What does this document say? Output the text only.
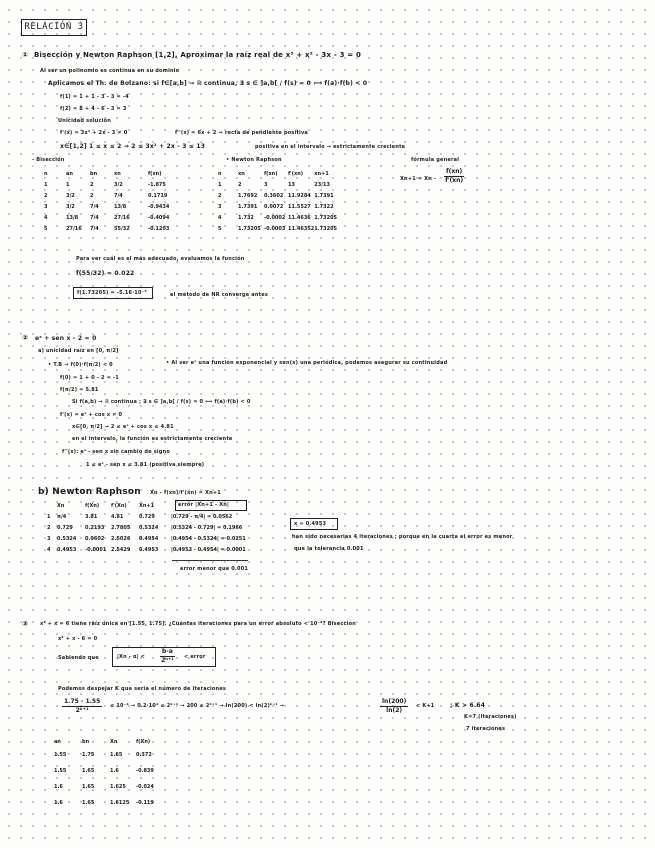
RELACIÓN 3
① Bisección y Newton Raphson [1,2], Aproximar la raíz real de x³ + x² - 3x - 3 = 0
Al ser un polinomio es continua en su dominio
Aplicamos el Th. de Bolzano: si f∈[a,b] → ℝ continua, ∃ s ∈ ]a,b[ / f(s) = 0 ⟺ f(a)·f(b) < 0
f(1) = 1 + 1 - 3 - 3 = -4
f(2) = 8 + 4 - 6 - 3 = 3
Unicidad solución
f'(x) = 3x² + 2x - 3 ≠ 0	f''(x) = 6x + 2 ⇒ recta de pendiente positiva
x∈[1,2] 1 ≤ x ≤ 2 → 2 ≤ 3x² + 2x - 3 ≤ 13	positiva en el intervalo → estrictamente creciente
- Bisección
n	an	bn	xn	f(xn)
1	1	2	3/2	-1.875
2	3/2	2	7/4	0.1719
3	3/2	7/4	13/8	-0.9434
4	13/8	7/4	27/16	-0.4094
5	27/16	7/4	55/32	-0.1203
• Newton Raphson
n	xn	f(xn)	f'(xn)	xn+1
1	2	3	13	23/13
2	1.7692	0.3602	11.9284	1.7391
3	1.7391	0.0072	11.5527	1.7322
4	1.732	-0.0002	11.4636	1.73205
5	1.73205	-0.0003	11.46352	1.73205
fórmula general
$Xn+1 = Xn - \frac{f(xn)}{f'(xn)}$
Para ver cuál es el más adecuado, evaluamos la función
f(55/32) = 0.022
f(1.73205) = -5.16·10⁻⁶	el método de NR converge antes
② eˣ + sen x - 2 = 0
a) unicidad raíz en [0, π/2]
• T.B → f(0)·f(π/2) < 0	• Al ser eˣ una función exponencial y sen(x) una periódica, podemos asegurar su continuidad
f(0) = 1 + 0 - 2 = -1
f(π/2) = 5.81
Si f(a,b) → ℝ continua ; ∃ s ∈ ]a,b[ / f(s) = 0 ⟺ f(a)·f(b) < 0
f'(x) = eˣ + cos x ≠ 0
x∈[0, π/2] → 2 ≤ eˣ + cos x ≤ 4.81
en el intervalo, la función es estrictamente creciente
f''(x): eˣ - sen x sin cambio de signo
1 ≤ eˣ - sen x ≤ 3.81 (positiva siempre)
b) Newton Raphson Xn - f(xn)/f'(xn) = Xn+1
error |Xn+1 - Xn|
	Xn	f(Xn)	f'(Xn)	Xn+1	
1	π/4	3.81	4.81	0.729	|0.729 - π/4| = 0.0562
2	0.729	0.2193	2.7805	0.5324	|0.5324 - 0.729| = 0.1966
3	0.5324	0.0602	2.5026	0.4954	|0.4954 - 0.5324| = 0.0251
4	0.4953	-0.0001	2.5429	0.4953	|0.4953 - 0.4954| = 0.0001
error menor que 0.001
x ≈ 0.4953
han sido necesarias 4 iteraciones ; porque en la cuarta el error es menor
que la tolerancia 0.001
③ x² + x = 6 tiene raíz única en [1.55, 1.75]. ¿Cuántas iteraciones para un error absoluto < 10⁻⁴? Bisección
x² + x - 6 = 0
Sabiendo que	|Xn - α| <	$\frac{b-a}{\text{2ⁿ⁺¹}}$ < error
Podemos despejar K que sería el número de iteraciones
$\frac{1.75 - 1.55}{\text{2ᵏ⁺¹}} \le 10^{-4} \to 0.2\cdot 10^4$ ≤ 2ᵏ⁺¹ → 200 ≤ 2ᵏ⁺¹ → ln(200) < ln(2)ᵏ⁺¹ →	$\frac{\ln(200)}{\ln(2)} < K+1$	; K > 6.64
K=7 (iteraciones)
7 iteraciones
an	bn	Xn	f(Xn)
1.55	1.75	1.65	0.372
1.55	1.65	1.6	-0.839
1.6	1.65	1.625	-0.024
1.6	1.65	1.6125	-0.119
